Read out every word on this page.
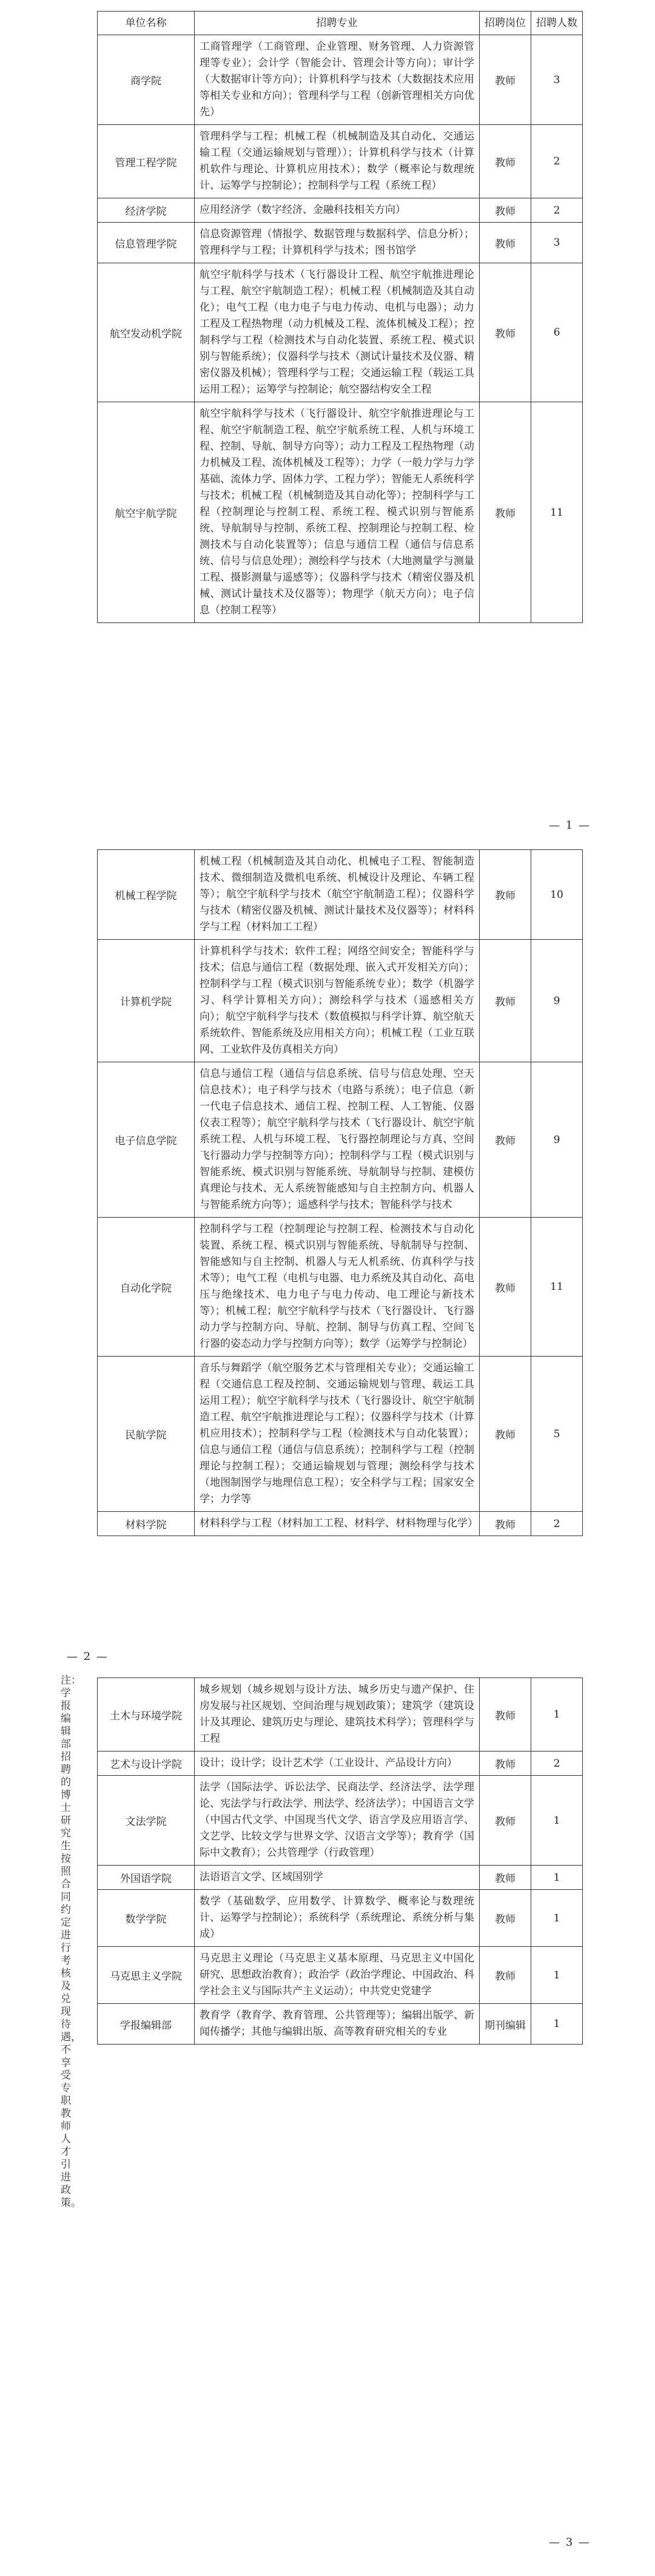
单位名称	招聘专业	招聘岗位	招聘人数
商学院	工商管理学（工商管理、企业管理、财务管理、人力资源管理等专业）；会计学（智能会计、管理会计等方向）；审计学（大数据审计等方向）；计算机科学与技术（大数据技术应用等相关专业和方向）；管理科学与工程（创新管理相关方向优先）	教师	3
管理工程学院	管理科学与工程；机械工程（机械制造及其自动化、交通运输工程（交通运输规划与管理））；计算机科学与技术（计算机软件与理论、计算机应用技术）；数学（概率论与数理统计、运筹学与控制论）；控制科学与工程（系统工程）	教师	2
经济学院	应用经济学（数字经济、金融科技相关方向）	教师	2
信息管理学院	信息资源管理（情报学、数据管理与数据科学、信息分析）；管理科学与工程；计算机科学与技术；图书馆学	教师	3
航空发动机学院	航空宇航科学与技术（飞行器设计工程、航空宇航推进理论与工程、航空宇航制造工程）；机械工程（机械制造及其自动化）；电气工程（电力电子与电力传动、电机与电器）；动力工程及工程热物理（动力机械及工程、流体机械及工程）；控制科学与工程（检测技术与自动化装置、系统工程、模式识别与智能系统）；仪器科学与技术（测试计量技术及仪器、精密仪器及机械）；管理科学与工程；交通运输工程（载运工具运用工程）；运筹学与控制论；航空器结构安全工程	教师	6
航空宇航学院	航空宇航科学与技术（飞行器设计、航空宇航推进理论与工程、航空宇航制造工程、航空宇航系统工程、人机与环境工程、控制、导航、制导方向等）；动力工程及工程热物理（动力机械及工程、流体机械及工程等）；力学（一般力学与力学基础、流体力学、固体力学、工程力学）；智能无人系统科学与技术；机械工程（机械制造及其自动化等）；控制科学与工程（控制理论与控制工程、系统工程、模式识别与智能系统、导航制导与控制、系统工程、控制理论与控制工程、检测技术与自动化装置等）；信息与通信工程（通信与信息系统、信号与信息处理）；测绘科学与技术（大地测量学与测量工程、摄影测量与遥感等）；仪器科学与技术（精密仪器及机械、测试计量技术及仪器等）；物理学（航天方向）；电子信息（控制工程等）	教师	11
— 1 —
机械工程学院	机械工程（机械制造及其自动化、机械电子工程、智能制造技术、微细制造及微机电系统、机械设计及理论、车辆工程等）；航空宇航科学与技术（航空宇航制造工程）；仪器科学与技术（精密仪器及机械、测试计量技术及仪器等）；材料科学与工程（材料加工工程）	教师	10
计算机学院	计算机科学与技术；软件工程；网络空间安全；智能科学与技术；信息与通信工程（数据处理、嵌入式开发相关方向）；控制科学与工程（模式识别与智能系统专业）；数学（机器学习、科学计算相关方向）；测绘科学与技术（遥感相关方向）；航空宇航科学与技术（数值模拟与科学计算、航空航天系统软件、智能系统及应用相关方向）；机械工程（工业互联网、工业软件及仿真相关方向）	教师	9
电子信息学院	信息与通信工程（通信与信息系统、信号与信息处理、空天信息技术）；电子科学与技术（电路与系统）；电子信息（新一代电子信息技术、通信工程、控制工程、人工智能、仪器仪表工程等）；航空宇航科学与技术（飞行器设计、航空宇航系统工程、人机与环境工程、飞行器控制理论与方真、空间飞行器动力学与控制等方向）；控制科学与工程（模式识别与智能系统、模式识别与智能系统、导航制导与控制、建模仿真理论与技术、无人系统智能感知与自主控制方向、机器人与智能系统方向等）；遥感科学与技术；智能科学与技术	教师	9
自动化学院	控制科学与工程（控制理论与控制工程、检测技术与自动化装置、系统工程、模式识别与智能系统、导航制导与控制、智能感知与自主控制、机器人与无人机系统、仿真科学与技术等）；电气工程（电机与电器、电力系统及其自动化、高电压与绝缘技术、电力电子与电力传动、电工理论与新技术等）；机械工程；航空宇航科学与技术（飞行器设计、飞行器动力学与控制方向、导航、控制、制导与仿真工程、空间飞行器的姿态动力学与控制方向等）；数学（运筹学与控制论）	教师	11
民航学院	音乐与舞蹈学（航空服务艺术与管理相关专业）；交通运输工程（交通信息工程及控制、交通运输规划与管理、载运工具运用工程）；航空宇航科学与技术（飞行器设计、航空宇航制造工程、航空宇航推进理论与工程）；仪器科学与技术（计算机应用技术）；控制科学与工程（检测技术与自动化装置）；信息与通信工程（通信与信息系统）；控制科学与工程（控制理论与控制工程）；交通运输规划与管理；测绘科学与技术（地图制图学与地理信息工程）；安全科学与工程；国家安全学；力学等	教师	5
材料学院	材料科学与工程（材料加工工程、材料学、材料物理与化学）	教师	2
— 2 —
土木与环境学院	城乡规划（城乡规划与设计方法、城乡历史与遗产保护、住房发展与社区规划、空间治理与规划政策）；建筑学（建筑设计及其理论、建筑历史与理论、建筑技术科学）；管理科学与工程	教师	1
艺术与设计学院	设计；设计学；设计艺术学（工业设计、产品设计方向）	教师	2
文法学院	法学（国际法学、诉讼法学、民商法学、经济法学、法学理论、宪法学与行政法学、刑法学、经济法学）；中国语言文学（中国古代文学、中国现当代文学、语言学及应用语言学、文艺学、比较文学与世界文学、汉语言文学等）；教育学（国际中文教育）；公共管理学（行政管理）	教师	1
外国语学院	法语语言文学、区域国别学	教师	1
数学学院	数学（基础数学、应用数学、计算数学、概率论与数理统计、运筹学与控制论）；系统科学（系统理论、系统分析与集成）	教师	1
马克思主义学院	马克思主义理论（马克思主义基本原理、马克思主义中国化研究、思想政治教育）；政治学（政治学理论、中国政治、科学社会主义与国际共产主义运动）；中共党史党建学	教师	1
学报编辑部	教育学（教育学、教育管理、公共管理等）；编辑出版学、新闻传播学；其他与编辑出版、高等教育研究相关的专业	期刊编辑	1
注：学报编辑部招聘的博士研究生按照合同约定进行考核及兑现待遇，不享受专职教师人才引进政策。
— 3 —
